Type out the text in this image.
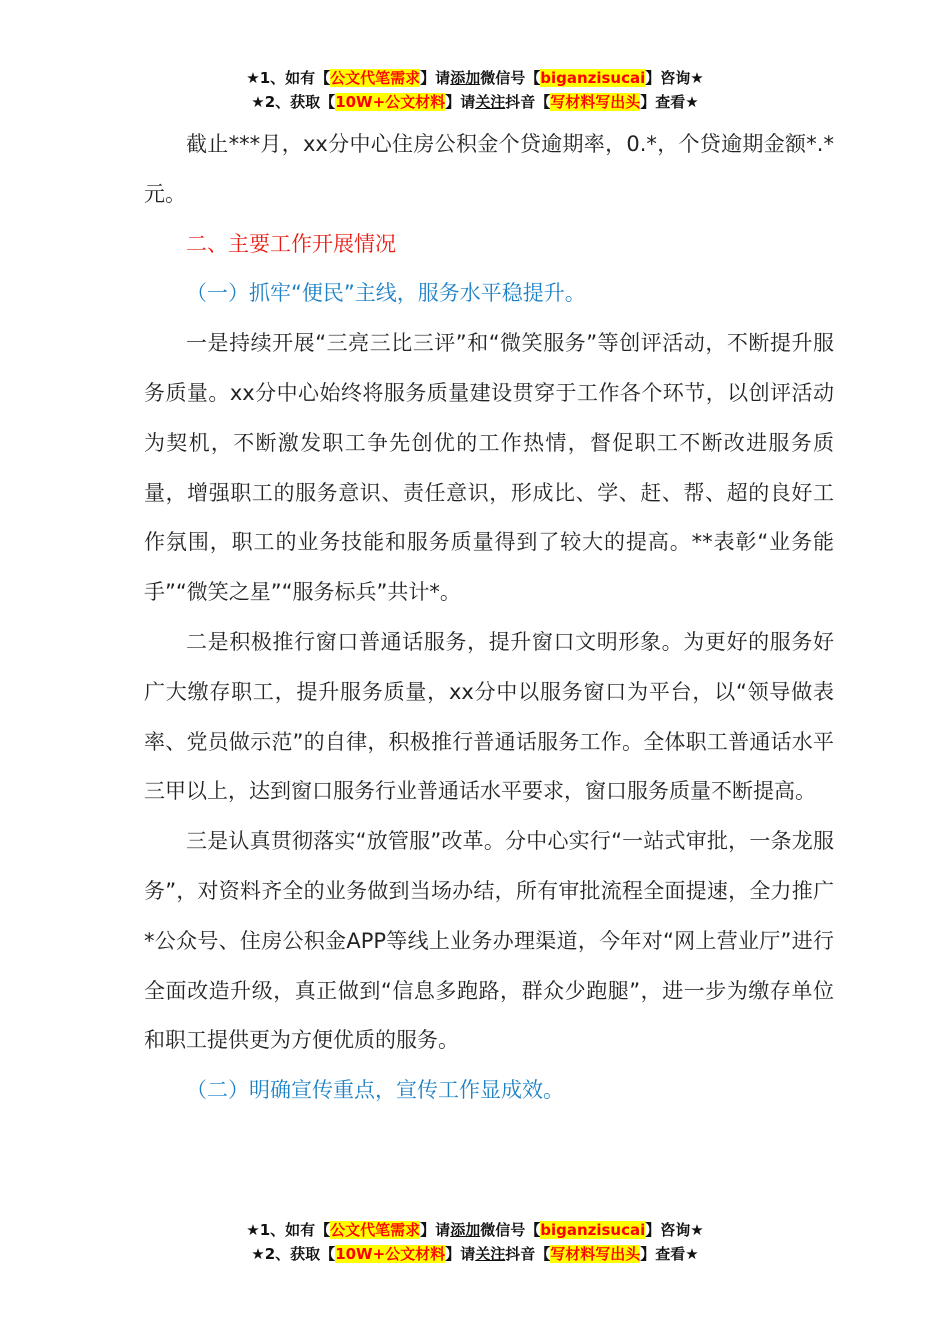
★1、如有【公文代笔需求】请添加微信号【biganzisucai】咨询★
★2、获取【10W+公文材料】请关注抖音【写材料写出头】查看★

截止***月，xx分中心住房公积金个贷逾期率，0.*，个贷逾期金额*.*元。

二、主要工作开展情况

（一）抓牢“便民”主线，服务水平稳提升。

一是持续开展“三亮三比三评”和“微笑服务”等创评活动，不断提升服务质量。xx分中心始终将服务质量建设贯穿于工作各个环节，以创评活动为契机，不断激发职工争先创优的工作热情，督促职工不断改进服务质量，增强职工的服务意识、责任意识，形成比、学、赶、帮、超的良好工作氛围，职工的业务技能和服务质量得到了较大的提高。**表彰“业务能手”“微笑之星”“服务标兵”共计*。

二是积极推行窗口普通话服务，提升窗口文明形象。为更好的服务好广大缴存职工，提升服务质量，xx分中以服务窗口为平台，以“领导做表率、党员做示范”的自律，积极推行普通话服务工作。全体职工普通话水平三甲以上，达到窗口服务行业普通话水平要求，窗口服务质量不断提高。

三是认真贯彻落实“放管服”改革。分中心实行“一站式审批，一条龙服务”，对资料齐全的业务做到当场办结，所有审批流程全面提速，全力推广*公众号、住房公积金APP等线上业务办理渠道，今年对“网上营业厅”进行全面改造升级，真正做到“信息多跑路，群众少跑腿”，进一步为缴存单位和职工提供更为方便优质的服务。

（二）明确宣传重点，宣传工作显成效。

★1、如有【公文代笔需求】请添加微信号【biganzisucai】咨询★
★2、获取【10W+公文材料】请关注抖音【写材料写出头】查看★
